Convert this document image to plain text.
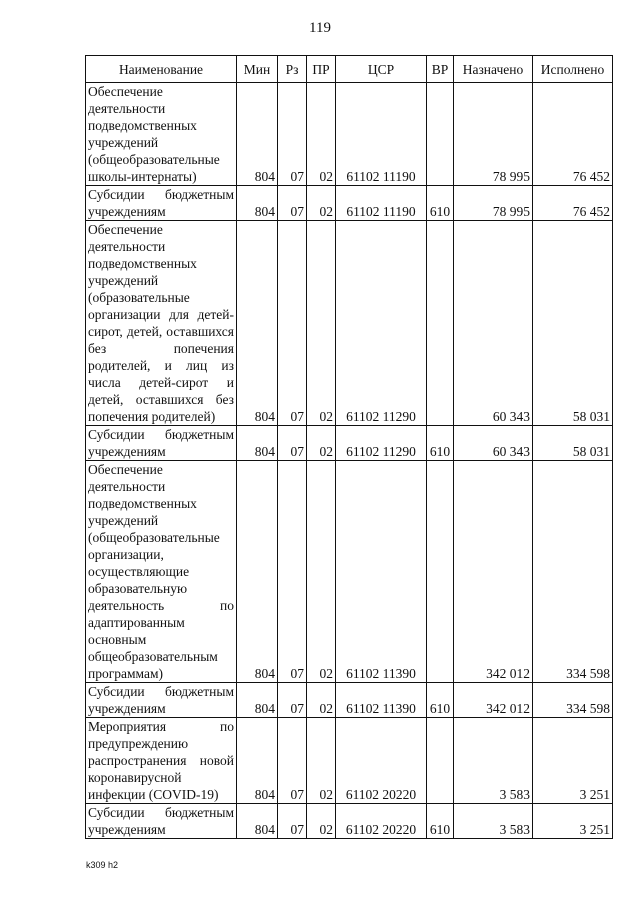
119
Наименование	Мин	Рз	ПР	ЦСР	ВР	Назначено	Исполнено
Обеспечение деятельности подведомственных учреждений (общеобразовательные школы-интернаты)	804	07	02	61102 11190		78 995	76 452
Субсидии бюджетным учреждениям	804	07	02	61102 11190	610	78 995	76 452
Обеспечение деятельности подведомственных учреждений (образовательные организации для детей-сирот, детей, оставшихся без попечения родителей, и лиц из числа детей-сирот и детей, оставшихся без попечения родителей)	804	07	02	61102 11290		60 343	58 031
Субсидии бюджетным учреждениям	804	07	02	61102 11290	610	60 343	58 031
Обеспечение деятельности подведомственных учреждений (общеобразовательные организации, осуществляющие образовательную деятельность по адаптированным основным общеобразовательным программам)	804	07	02	61102 11390		342 012	334 598
Субсидии бюджетным учреждениям	804	07	02	61102 11390	610	342 012	334 598
Мероприятия по предупреждению распространения новой коронавирусной инфекции (COVID-19)	804	07	02	61102 20220		3 583	3 251
Субсидии бюджетным учреждениям	804	07	02	61102 20220	610	3 583	3 251
k309 h2
